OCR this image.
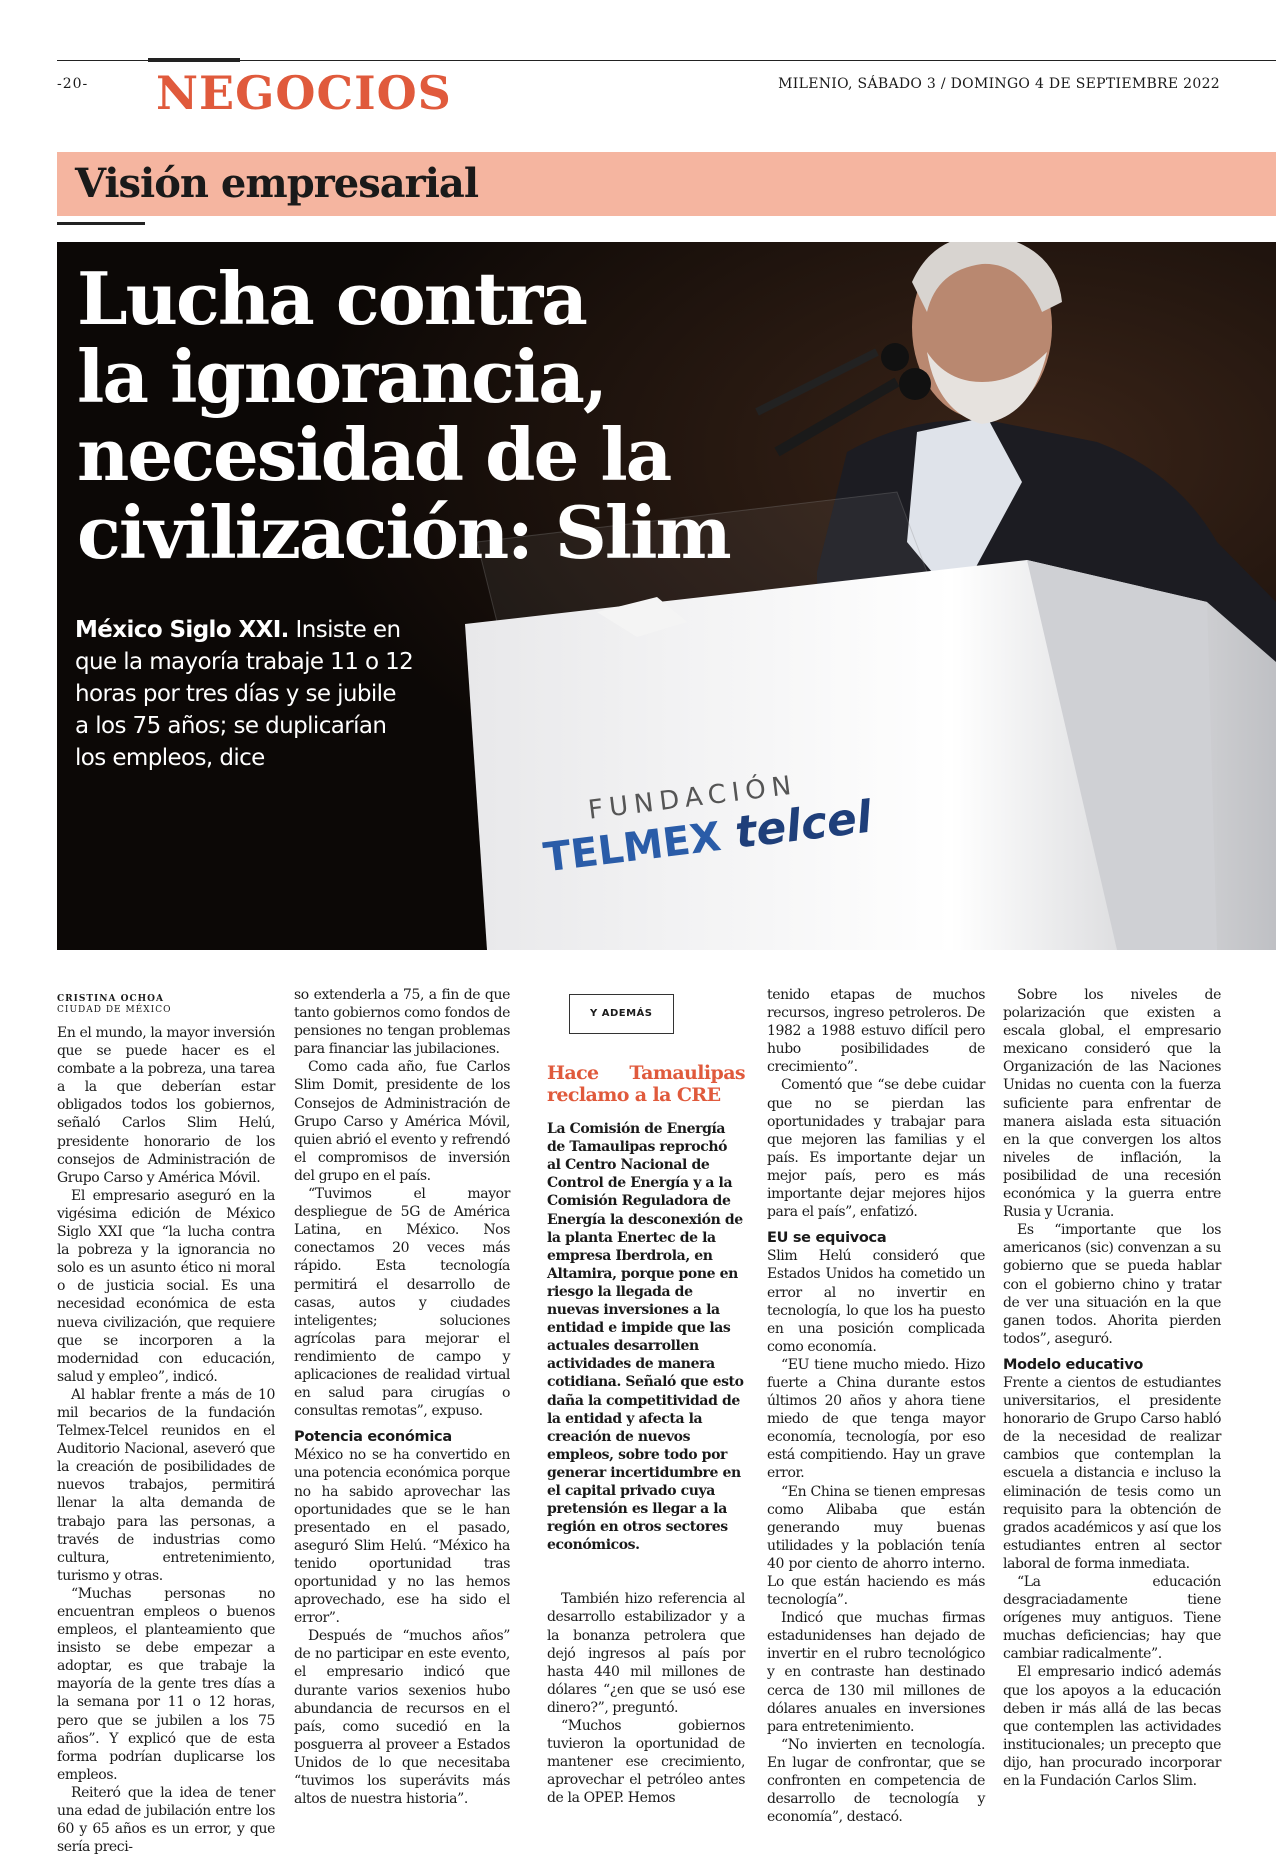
-20- NEGOCIOS	MILENIO, SÁBADO 3 / DOMINGO 4 DE SEPTIEMBRE 2022
Visión empresarial
Lucha contra
la ignorancia,
necesidad de la
civilización: Slim
México Siglo XXI. Insiste en que la mayoría trabaje 11 o 12 horas por tres días y se jubile a los 75 años; se duplicarían los empleos, dice
FUNDACIÓN
TELMEX telcel
CRISTINA OCHOA
CIUDAD DE MÉXICO

En el mundo, la mayor inversión que se puede hacer es el combate a la pobreza, una tarea a la que deberían estar obligados todos los gobiernos, señaló Carlos Slim Helú, presidente honorario de los consejos de Administración de Grupo Carso y América Móvil.

El empresario aseguró en la vigésima edición de México Siglo XXI que “la lucha contra la pobreza y la ignorancia no solo es un asunto ético ni moral o de justicia social. Es una necesidad económica de esta nueva civilización, que requiere que se incorporen a la modernidad con educación, salud y empleo”, indicó.

Al hablar frente a más de 10 mil becarios de la fundación Telmex-Telcel reunidos en el Auditorio Nacional, aseveró que la creación de posibilidades de nuevos trabajos, permitirá llenar la alta demanda de trabajo para las personas, a través de industrias como cultura, entretenimiento, turismo y otras.

“Muchas personas no encuentran empleos o buenos empleos, el planteamiento que insisto se debe empezar a adoptar, es que trabaje la mayoría de la gente tres días a la semana por 11 o 12 horas, pero que se jubilen a los 75 años”. Y explicó que de esta forma podrían duplicarse los empleos.

Reiteró que la idea de tener una edad de jubilación entre los 60 y 65 años es un error, y que sería preci-

so extenderla a 75, a fin de que tanto gobiernos como fondos de pensiones no tengan problemas para financiar las jubilaciones.

Como cada año, fue Carlos Slim Domit, presidente de los Consejos de Administración de Grupo Carso y América Móvil, quien abrió el evento y refrendó el compromisos de inversión del grupo en el país.

“Tuvimos el mayor despliegue de 5G de América Latina, en México. Nos conectamos 20 veces más rápido. Esta tecnología permitirá el desarrollo de casas, autos y ciudades inteligentes; soluciones agrícolas para mejorar el rendimiento de campo y aplicaciones de realidad virtual en salud para cirugías o consultas remotas”, expuso.

Potencia económica

México no se ha convertido en una potencia económica porque no ha sabido aprovechar las oportunidades que se le han presentado en el pasado, aseguró Slim Helú. “México ha tenido oportunidad tras oportunidad y no las hemos aprovechado, ese ha sido el error”.

Después de “muchos años” de no participar en este evento, el empresario indicó que durante varios sexenios hubo abundancia de recursos en el país, como sucedió en la posguerra al proveer a Estados Unidos de lo que necesitaba “tuvimos los superávits más altos de nuestra historia”.

Y ADEMÁS
Hace Tamaulipas reclamo a la CRE
La Comisión de Energía de Tamaulipas reprochó al Centro Nacional de Control de Energía y a la Comisión Reguladora de Energía la desconexión de la planta Enertec de la empresa Iberdrola, en Altamira, porque pone en riesgo la llegada de nuevas inversiones a la entidad e impide que las actuales desarrollen actividades de manera cotidiana. Señaló que esto daña la competitividad de la entidad y afecta la creación de nuevos empleos, sobre todo por generar incertidumbre en el capital privado cuya pretensión es llegar a la región en otros sectores económicos.

También hizo referencia al desarrollo estabilizador y a la bonanza petrolera que dejó ingresos al país por hasta 440 mil millones de dólares “¿en que se usó ese dinero?”, preguntó.

“Muchos gobiernos tuvieron la oportunidad de mantener ese crecimiento, aprovechar el petróleo antes de la OPEP. Hemos

tenido etapas de muchos recursos, ingreso petroleros. De 1982 a 1988 estuvo difícil pero hubo posibilidades de crecimiento”.

Comentó que “se debe cuidar que no se pierdan las oportunidades y trabajar para que mejoren las familias y el país. Es importante dejar un mejor país, pero es más importante dejar mejores hijos para el país”, enfatizó.

EU se equivoca

Slim Helú consideró que Estados Unidos ha cometido un error al no invertir en tecnología, lo que los ha puesto en una posición complicada como economía.

“EU tiene mucho miedo. Hizo fuerte a China durante estos últimos 20 años y ahora tiene miedo de que tenga mayor economía, tecnología, por eso está compitiendo. Hay un grave error.

“En China se tienen empresas como Alibaba que están generando muy buenas utilidades y la población tenía 40 por ciento de ahorro interno. Lo que están haciendo es más tecnología”.

Indicó que muchas firmas estadunidenses han dejado de invertir en el rubro tecnológico y en contraste han destinado cerca de 130 mil millones de dólares anuales en inversiones para entretenimiento.

“No invierten en tecnología. En lugar de confrontar, que se confronten en competencia de desarrollo de tecnología y economía”, destacó.

Sobre los niveles de polarización que existen a escala global, el empresario mexicano consideró que la Organización de las Naciones Unidas no cuenta con la fuerza suficiente para enfrentar de manera aislada esta situación en la que convergen los altos niveles de inflación, la posibilidad de una recesión económica y la guerra entre Rusia y Ucrania.

Es “importante que los americanos (sic) convenzan a su gobierno que se pueda hablar con el gobierno chino y tratar de ver una situación en la que ganen todos. Ahorita pierden todos”, aseguró.

Modelo educativo

Frente a cientos de estudiantes universitarios, el presidente honorario de Grupo Carso habló de la necesidad de realizar cambios que contemplan la escuela a distancia e incluso la eliminación de tesis como un requisito para la obtención de grados académicos y así que los estudiantes entren al sector laboral de forma inmediata.

“La educación desgraciadamente tiene orígenes muy antiguos. Tiene muchas deficiencias; hay que cambiar radicalmente”.

El empresario indicó además que los apoyos a la educación deben ir más allá de las becas que contemplen las actividades institucionales; un precepto que dijo, han procurado incorporar en la Fundación Carlos Slim.
